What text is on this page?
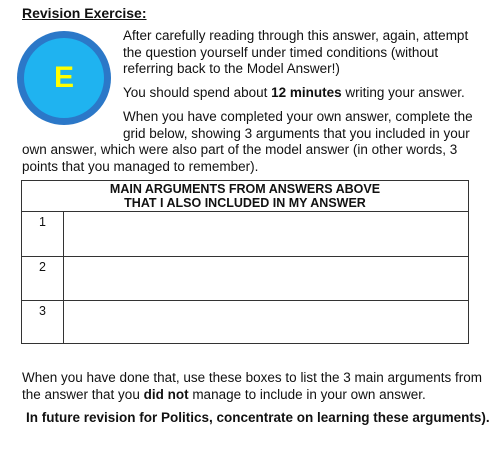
Revision Exercise:
E
After carefully reading through this answer, again, attempt the question yourself under timed conditions (without referring back to the Model Answer!)
You should spend about 12 minutes writing your answer.
When you have completed your own answer, complete the grid below, showing 3 arguments that you included in your
own answer, which were also part of the model answer (in other words, 3 points that you managed to remember).
MAIN ARGUMENTS FROM ANSWERS ABOVE
THAT I ALSO INCLUDED IN MY ANSWER
1
2
3
When you have done that, use these boxes to list the 3 main arguments from the answer that you did not manage to include in your own answer.
In future revision for Politics, concentrate on learning these arguments).
